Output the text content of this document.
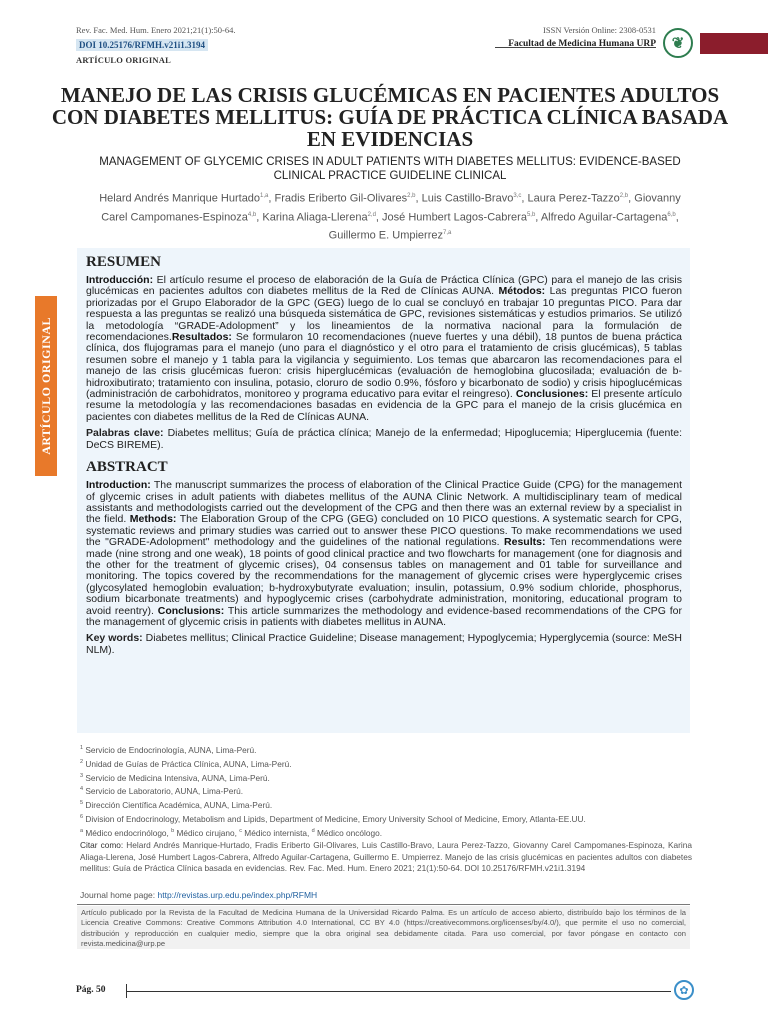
Rev. Fac. Med. Hum. Enero 2021;21(1):50-64.
DOI 10.25176/RFMH.v21i1.3194
ARTÍCULO ORIGINAL
ISSN Versión Online: 2308-0531
Facultad de Medicina Humana URP	❦
MANEJO DE LAS CRISIS GLUCÉMICAS EN PACIENTES ADULTOS CON DIABETES MELLITUS: GUÍA DE PRÁCTICA CLÍNICA BASADA EN EVIDENCIAS
MANAGEMENT OF GLYCEMIC CRISES IN ADULT PATIENTS WITH DIABETES MELLITUS: EVIDENCE-BASED CLINICAL PRACTICE GUIDELINE CLINICAL
Helard Andrés Manrique Hurtado$^{1,a}$, Fradis Eriberto Gil-Olivares$^{2,b}$, Luis Castillo-Bravo$^{3,c}$, Laura Perez-Tazzo$^{2,b}$, Giovanny Carel Campomanes-Espinoza$^{4,b}$, Karina Aliaga-Llerena$^{2,d}$, José Humbert Lagos-Cabrera$^{5,b}$, Alfredo Aguilar-Cartagena$^{6,b}$, Guillermo E. Umpierrez$^{7,a}$
ARTÍCULO ORIGINAL
RESUMEN

Introducción: El artículo resume el proceso de elaboración de la Guía de Práctica Clínica (GPC) para el manejo de las crisis glucémicas en pacientes adultos con diabetes mellitus de la Red de Clínicas AUNA. Métodos: Las preguntas PICO fueron priorizadas por el Grupo Elaborador de la GPC (GEG) luego de lo cual se concluyó en trabajar 10 preguntas PICO. Para dar respuesta a las preguntas se realizó una búsqueda sistemática de GPC, revisiones sistemáticas y estudios primarios. Se utilizó la metodología “GRADE-Adolopment” y los lineamientos de la normativa nacional para la formulación de recomendaciones.Resultados: Se formularon 10 recomendaciones (nueve fuertes y una débil), 18 puntos de buena práctica clínica, dos flujogramas para el manejo (uno para el diagnóstico y el otro para el tratamiento de crisis glucémicas), 5 tablas resumen sobre el manejo y 1 tabla para la vigilancia y seguimiento. Los temas que abarcaron las recomendaciones para el manejo de las crisis glucémicas fueron: crisis hiperglucémicas (evaluación de hemoglobina glucosilada; evaluación de b-hidroxibutirato; tratamiento con insulina, potasio, cloruro de sodio 0.9%, fósforo y bicarbonato de sodio) y crisis hipoglucémicas (administración de carbohidratos, monitoreo y programa educativo para evitar el reingreso). Conclusiones: El presente artículo resume la metodología y las recomendaciones basadas en evidencia de la GPC para el manejo de la crisis glucémica en pacientes con diabetes mellitus de la Red de Clínicas AUNA.

Palabras clave: Diabetes mellitus; Guía de práctica clínica; Manejo de la enfermedad; Hipoglucemia; Hiperglucemia (fuente: DeCS BIREME).

ABSTRACT

Introduction: The manuscript summarizes the process of elaboration of the Clinical Practice Guide (CPG) for the management of glycemic crises in adult patients with diabetes mellitus of the AUNA Clinic Network. A multidisciplinary team of medical assistants and methodologists carried out the development of the CPG and then there was an external review by a specialist in the field. Methods: The Elaboration Group of the CPG (GEG) concluded on 10 PICO questions. A systematic search for CPG, systematic reviews and primary studies was carried out to answer these PICO questions. To make recommendations we used the "GRADE-Adolopment" methodology and the guidelines of the national regulations. Results: Ten recommendations were made (nine strong and one weak), 18 points of good clinical practice and two flowcharts for management (one for diagnosis and the other for the treatment of glycemic crises), 04 consensus tables on management and 01 table for surveillance and monitoring. The topics covered by the recommendations for the management of glycemic crises were hyperglycemic crises (glycosylated hemoglobin evaluation; b-hydroxybutyrate evaluation; insulin, potassium, 0.9% sodium chloride, phosphorus, sodium bicarbonate treatments) and hypoglycemic crises (carbohydrate administration, monitoring, educational program to avoid reentry). Conclusions: This article summarizes the methodology and evidence-based recommendations of the CPG for the management of glycemic crisis in patients with diabetes mellitus in AUNA.

Key words: Diabetes mellitus; Clinical Practice Guideline; Disease management; Hypoglycemia; Hyperglycemia (source: MeSH NLM).

$^1$ Servicio de Endocrinología, AUNA, Lima-Perú.
$^2$ Unidad de Guías de Práctica Clínica, AUNA, Lima-Perú.
$^3$ Servicio de Medicina Intensiva, AUNA, Lima-Perú.
$^4$ Servicio de Laboratorio, AUNA, Lima-Perú.
$^5$ Dirección Científica Académica, AUNA, Lima-Perú.
$^6$ Division of Endocrinology, Metabolism and Lipids, Department of Medicine, Emory University School of Medicine, Emory, Atlanta-EE.UU.
$^a$ Médico endocrinólogo, $^b$ Médico cirujano, $^c$ Médico internista, $^d$ Médico oncólogo.

Citar como: Helard Andrés Manrique-Hurtado, Fradis Eriberto Gil-Olivares, Luis Castillo-Bravo, Laura Perez-Tazzo, Giovanny Carel Campomanes-Espinoza, Karina Aliaga-Llerena, José Humbert Lagos-Cabrera, Alfredo Aguilar-Cartagena, Guillermo E. Umpierrez. Manejo de las crisis glucémicas en pacientes adultos con diabetes mellitus: Guía de Práctica Clínica basada en evidencias. Rev. Fac. Med. Hum. Enero 2021; 21(1):50-64. DOI 10.25176/RFMH.v21i1.3194

Journal home page: http://revistas.urp.edu.pe/index.php/RFMH
Artículo publicado por la Revista de la Facultad de Medicina Humana de la Universidad Ricardo Palma. Es un artículo de acceso abierto, distribuído bajo los términos de la Licencia Creative Commons: Creative Commons Attribution 4.0 International, CC BY 4.0 (https://creativecommons.org/licenses/by/4.0/), que permite el uso no comercial, distribución y reproducción en cualquier medio, siempre que la obra original sea debidamente citada. Para uso comercial, por favor póngase en contacto con revista.medicina@urp.pe
Pág. 50	✿
